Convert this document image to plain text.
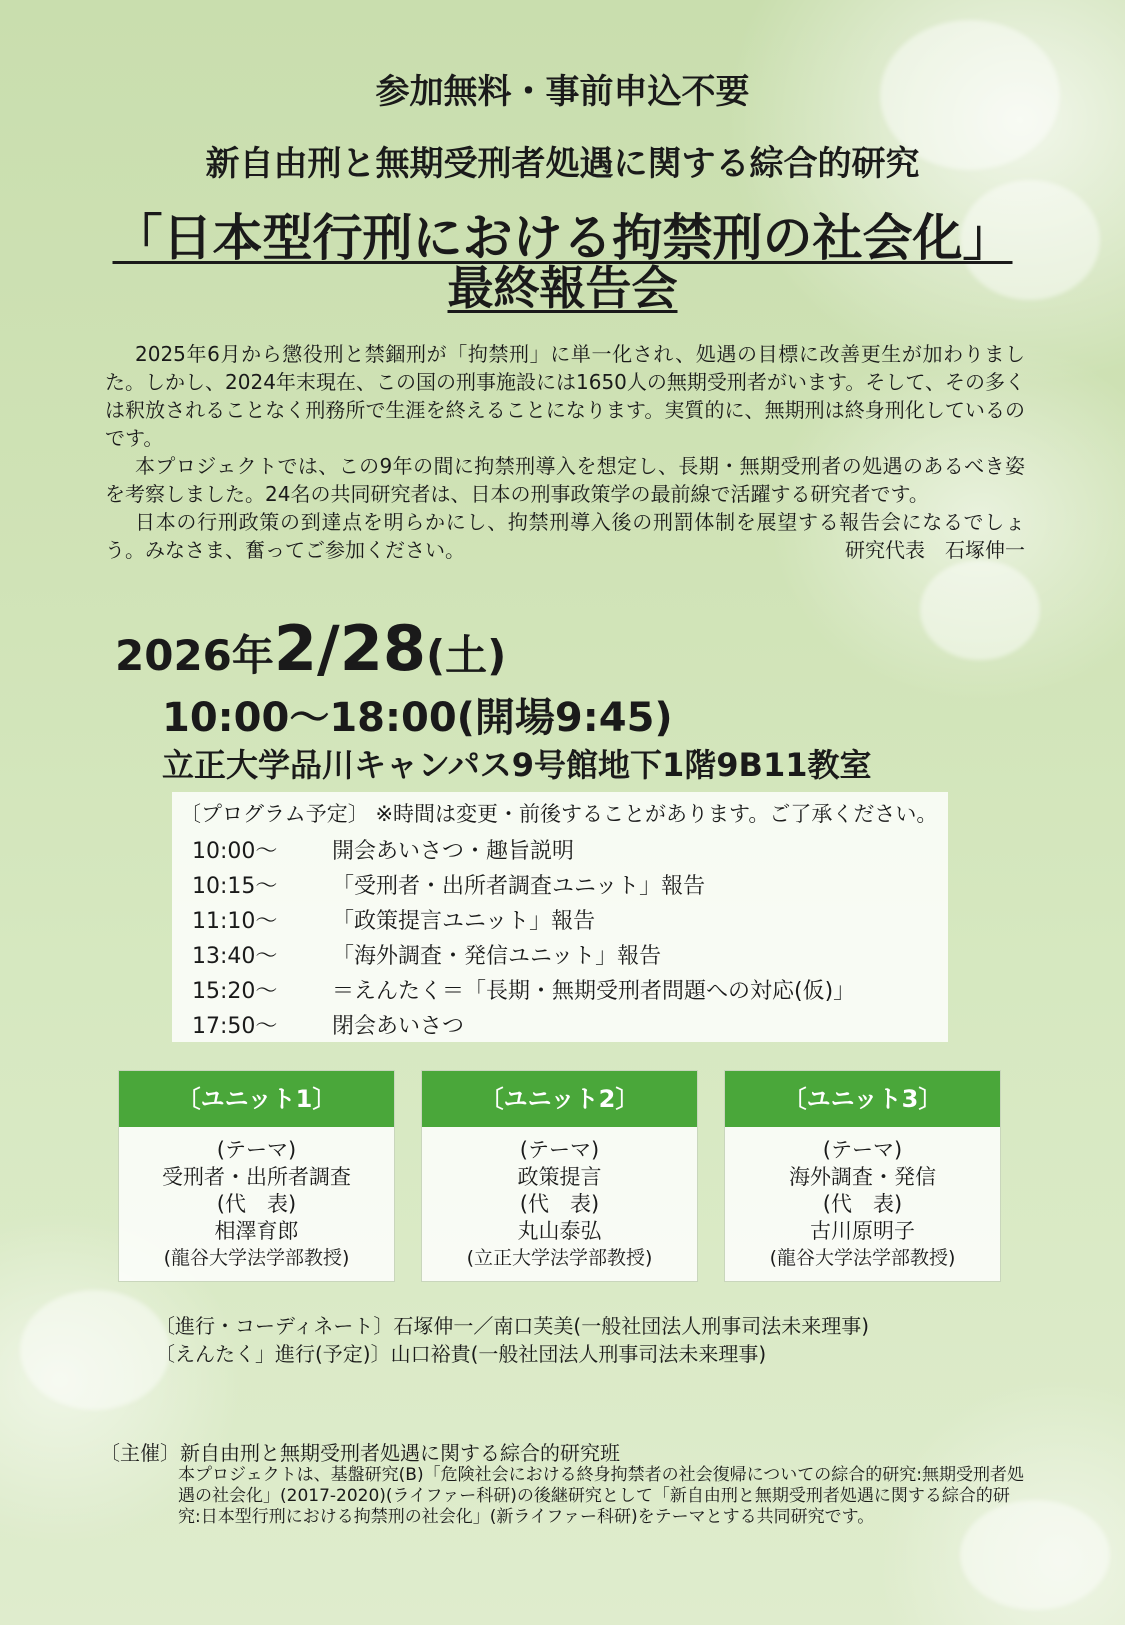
参加無料・事前申込不要
新自由刑と無期受刑者処遇に関する綜合的研究
「日本型行刑における拘禁刑の社会化」
最終報告会

2025年6月から懲役刑と禁錮刑が「拘禁刑」に単一化され、処遇の目標に改善更生が加わりました。しかし、2024年末現在、この国の刑事施設には1650人の無期受刑者がいます。そして、その多くは釈放されることなく刑務所で生涯を終えることになります。実質的に、無期刑は終身刑化しているのです。

本プロジェクトでは、この9年の間に拘禁刑導入を想定し、長期・無期受刑者の処遇のあるべき姿を考察しました。24名の共同研究者は、日本の刑事政策学の最前線で活躍する研究者です。

日本の行刑政策の到達点を明らかにし、拘禁刑導入後の刑罰体制を展望する報告会になるでしょう。みなさま、奮ってご参加ください。	研究代表　石塚伸一
2026年2/28(土)
10:00～18:00(開場9:45)
立正大学品川キャンパス9号館地下1階9B11教室
〔プログラム予定〕 ※時間は変更・前後することがあります。ご了承ください。
10:00～ 開会あいさつ・趣旨説明
10:15～ 「受刑者・出所者調査ユニット」報告
11:10～ 「政策提言ユニット」報告
13:40～ 「海外調査・発信ユニット」報告
15:20～ ＝えんたく＝「長期・無期受刑者問題への対応(仮)」
17:50～ 閉会あいさつ
〔ユニット1〕
(テーマ)
受刑者・出所者調査
(代　表)
相澤育郎
(龍谷大学法学部教授)
〔ユニット2〕
(テーマ)
政策提言
(代　表)
丸山泰弘
(立正大学法学部教授)
〔ユニット3〕
(テーマ)
海外調査・発信
(代　表)
古川原明子
(龍谷大学法学部教授)
〔進行・コーディネート〕石塚伸一／南口芙美(一般社団法人刑事司法未来理事)
〔えんたく」進行(予定)〕山口裕貴(一般社団法人刑事司法未来理事)
〔主催〕新自由刑と無期受刑者処遇に関する綜合的研究班
本プロジェクトは、基盤研究(B)「危険社会における終身拘禁者の社会復帰についての綜合的研究:無期受刑者処遇の社会化」(2017-2020)(ライファー科研)の後継研究として「新自由刑と無期受刑者処遇に関する綜合的研究:日本型行刑における拘禁刑の社会化」(新ライファー科研)をテーマとする共同研究です。
